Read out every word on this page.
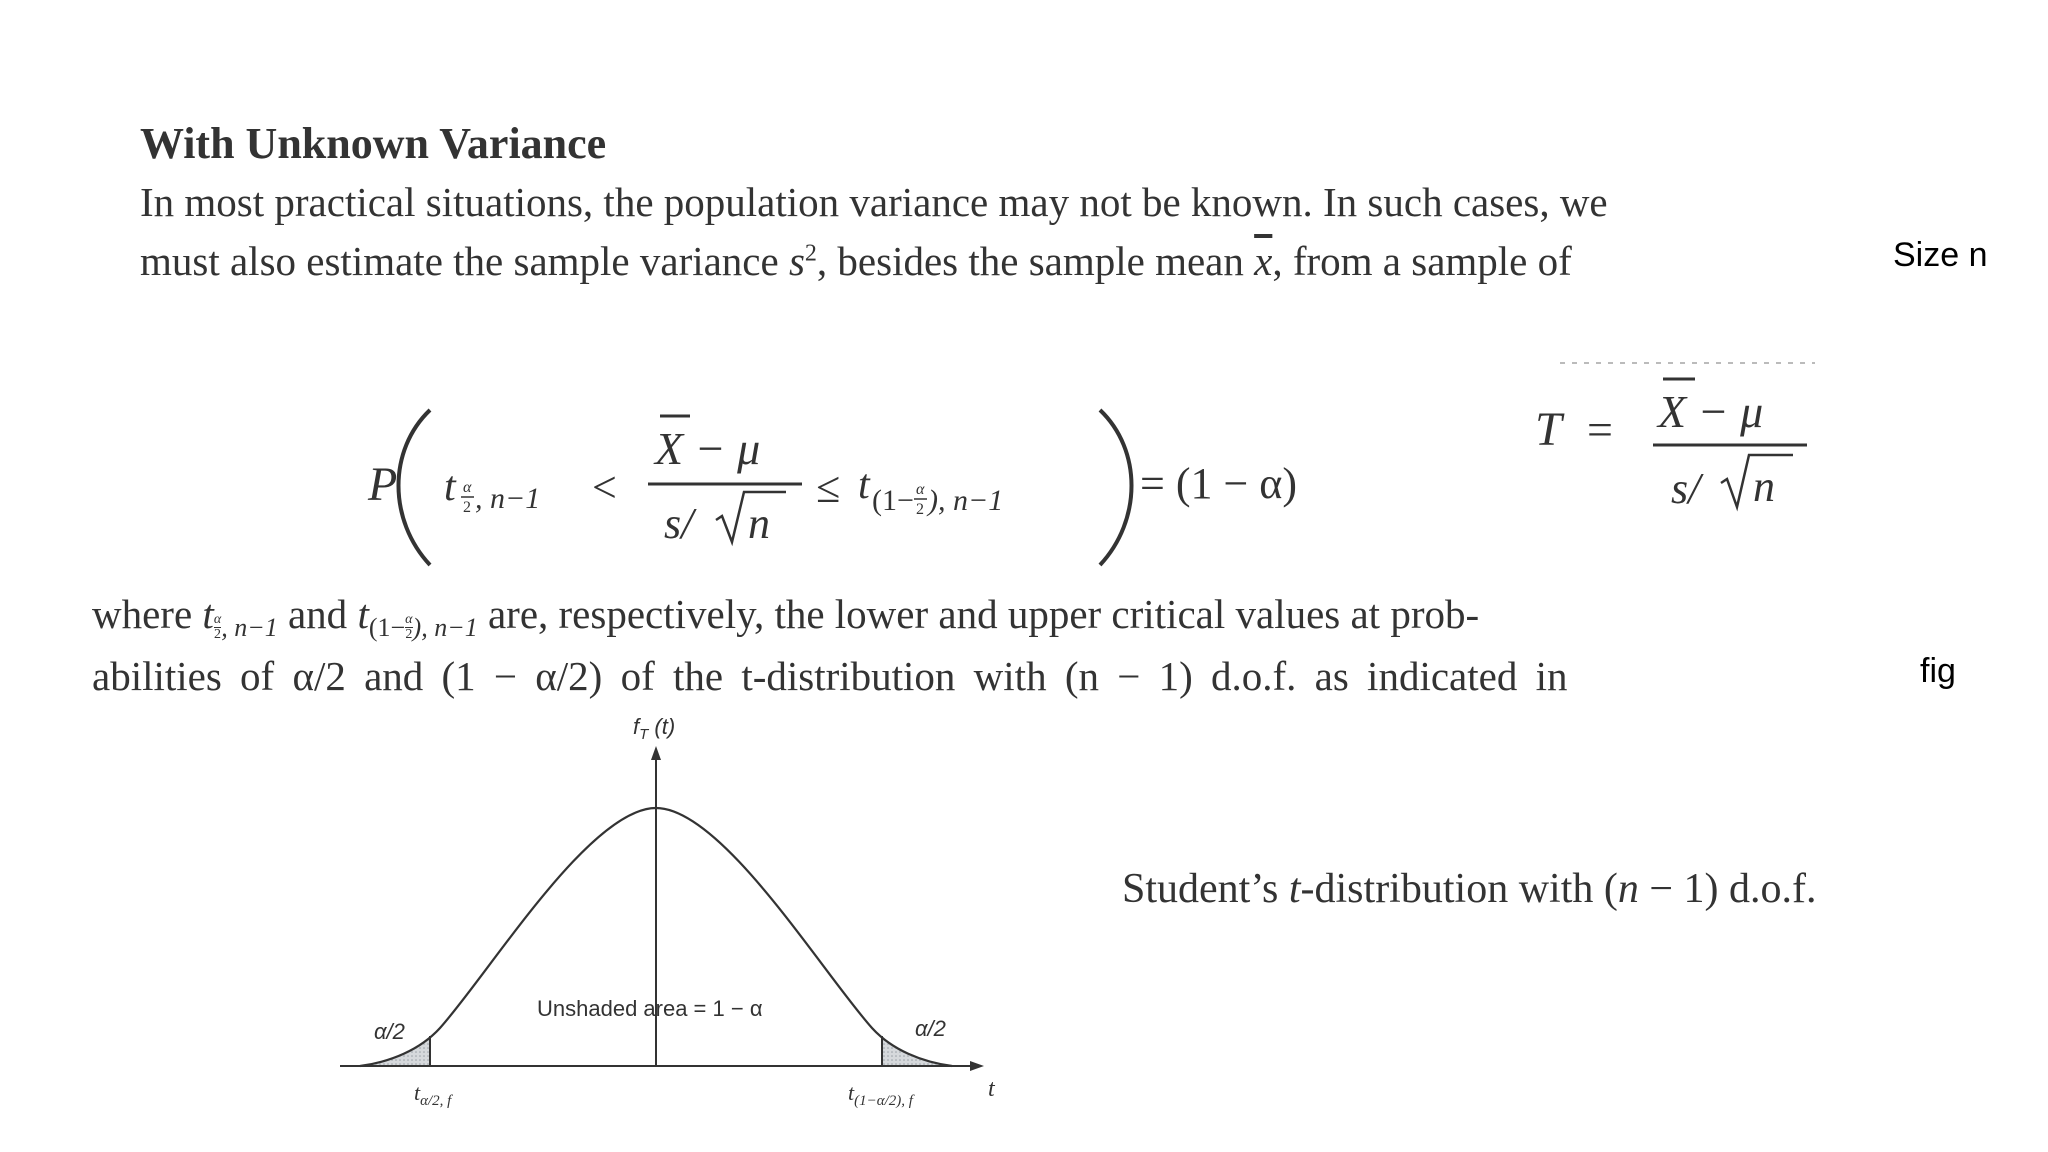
With Unknown Variance
In most practical situations, the population variance may not be known. In such cases, we
must also estimate the sample variance $s^2$, besides the sample mean $\overline{x}$, from a sample of	Size n
P t α
2 , n−1 <
X − μ
s/ n
≤ t (1− α
2 ), n−1	= (1 − α)
T = X − μ
s/ n
where t $\frac{\alpha}{2}$ , n−1 and $t(1- \frac{\alpha}{2}$ ), n−1 are, respectively, the lower and upper critical values at prob-
abilities of α/2 and (1 − α/2) of the t-distribution with (n − 1) d.o.f. as indicated in	fig
$f_T$ (t)
Unshaded area = 1 − α
α/2	α/2
$t_{\alpha/2, f}$	$t_{(1-\alpha/2), f}$	t
Student’s t-distribution with (n − 1) d.o.f.
